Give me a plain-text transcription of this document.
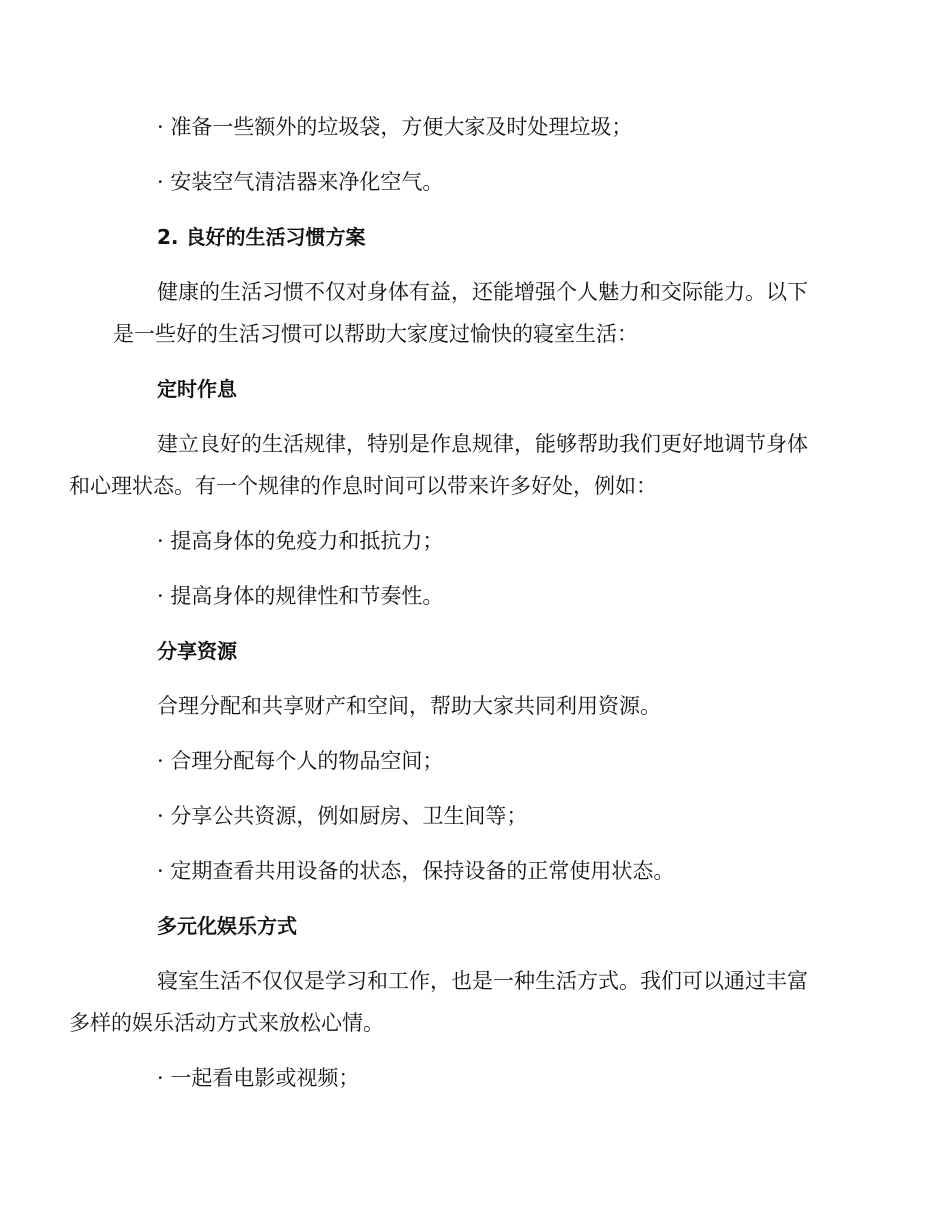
· 准备一些额外的垃圾袋，方便大家及时处理垃圾；

· 安装空气清洁器来净化空气。

2. 良好的生活习惯方案

健康的生活习惯不仅对身体有益，还能增强个人魅力和交际能力。以下
是一些好的生活习惯可以帮助大家度过愉快的寝室生活：

定时作息

建立良好的生活规律，特别是作息规律，能够帮助我们更好地调节身体
和心理状态。有一个规律的作息时间可以带来许多好处，例如：

· 提高身体的免疫力和抵抗力；

· 提高身体的规律性和节奏性。

分享资源

合理分配和共享财产和空间，帮助大家共同利用资源。

· 合理分配每个人的物品空间；

· 分享公共资源，例如厨房、卫生间等；

· 定期查看共用设备的状态，保持设备的正常使用状态。

多元化娱乐方式

寝室生活不仅仅是学习和工作，也是一种生活方式。我们可以通过丰富
多样的娱乐活动方式来放松心情。

· 一起看电影或视频；
